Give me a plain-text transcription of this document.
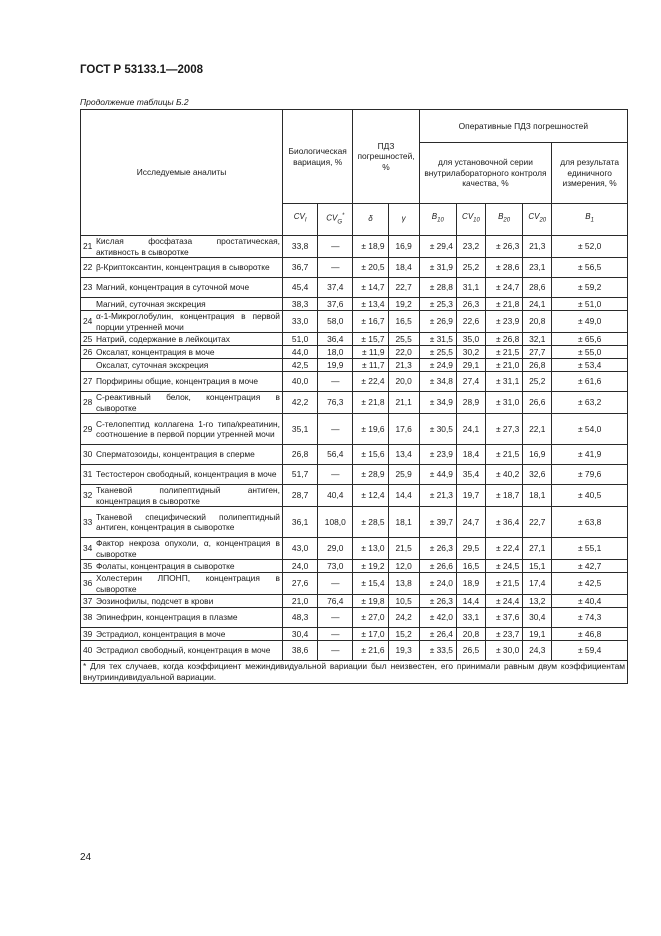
ГОСТ Р 53133.1—2008
Продолжение таблицы Б.2
Исследуемые аналиты		Биологическая вариация, %		ПДЗ погрешностей, %		Оперативные ПДЗ погрешностей				
						для установочной серии внутрилабораторного контроля качества, %				для результата единичного измерения, %
		$CV_I$	$CV_G^*$	δ	γ	$B_{10}$	$CV_{10}$	$B_{20}$	$CV_{20}$	$B_1$
21	Кислая фосфатаза простатическая, активность в сыворотке	33,8	—	± 18,9	16,9	± 29,4	23,2	± 26,3	21,3	± 52,0
22	β-Криптоксантин, концентрация в сыворотке	36,7	—	± 20,5	18,4	± 31,9	25,2	± 28,6	23,1	± 56,5
23	Магний, концентрация в суточной моче	45,4	37,4	± 14,7	22,7	± 28,8	31,1	± 24,7	28,6	± 59,2
	Магний, суточная экскреция	38,3	37,6	± 13,4	19,2	± 25,3	26,3	± 21,8	24,1	± 51,0
24	α-1-Микроглобулин, концентрация в первой порции утренней мочи	33,0	58,0	± 16,7	16,5	± 26,9	22,6	± 23,9	20,8	± 49,0
25	Натрий, содержание в лейкоцитах	51,0	36,4	± 15,7	25,5	± 31,5	35,0	± 26,8	32,1	± 65,6
26	Оксалат, концентрация в моче	44,0	18,0	± 11,9	22,0	± 25,5	30,2	± 21,5	27,7	± 55,0
	Оксалат, суточная экскреция	42,5	19,9	± 11,7	21,3	± 24,9	29,1	± 21,0	26,8	± 53,4
27	Порфирины общие, концентрация в моче	40,0	—	± 22,4	20,0	± 34,8	27,4	± 31,1	25,2	± 61,6
28	С-реактивный белок, концентрация в сыворотке	42,2	76,3	± 21,8	21,1	± 34,9	28,9	± 31,0	26,6	± 63,2
29	С-телопептид коллагена 1-го типа/креатинин, соотношение в первой порции утренней мочи	35,1	—	± 19,6	17,6	± 30,5	24,1	± 27,3	22,1	± 54,0
30	Сперматозоиды, концентрация в сперме	26,8	56,4	± 15,6	13,4	± 23,9	18,4	± 21,5	16,9	± 41,9
31	Тестостерон свободный, концентрация в моче	51,7	—	± 28,9	25,9	± 44,9	35,4	± 40,2	32,6	± 79,6
32	Тканевой полипептидный антиген, концентрация в сыворотке	28,7	40,4	± 12,4	14,4	± 21,3	19,7	± 18,7	18,1	± 40,5
33	Тканевой специфический полипептидный антиген, концентрация в сыворотке	36,1	108,0	± 28,5	18,1	± 39,7	24,7	± 36,4	22,7	± 63,8
34	Фактор некроза опухоли, α, концентрация в сыворотке	43,0	29,0	± 13,0	21,5	± 26,3	29,5	± 22,4	27,1	± 55,1
35	Фолаты, концентрация в сыворотке	24,0	73,0	± 19,2	12,0	± 26,6	16,5	± 24,5	15,1	± 42,7
36	Холестерин ЛПОНП, концентрация в сыворотке	27,6	—	± 15,4	13,8	± 24,0	18,9	± 21,5	17,4	± 42,5
37	Эозинофилы, подсчет в крови	21,0	76,4	± 19,8	10,5	± 26,3	14,4	± 24,4	13,2	± 40,4
38	Эпинефрин, концентрация в плазме	48,3	—	± 27,0	24,2	± 42,0	33,1	± 37,6	30,4	± 74,3
39	Эстрадиол, концентрация в моче	30,4	—	± 17,0	15,2	± 26,4	20,8	± 23,7	19,1	± 46,8
40	Эстрадиол свободный, концентрация в моче	38,6	—	± 21,6	19,3	± 33,5	26,5	± 30,0	24,3	± 59,4
* Для тех случаев, когда коэффициент межиндивидуальной вариации был неизвестен, его принимали равным двум коэффициентам внутрииндивидуальной вариации.										
24
